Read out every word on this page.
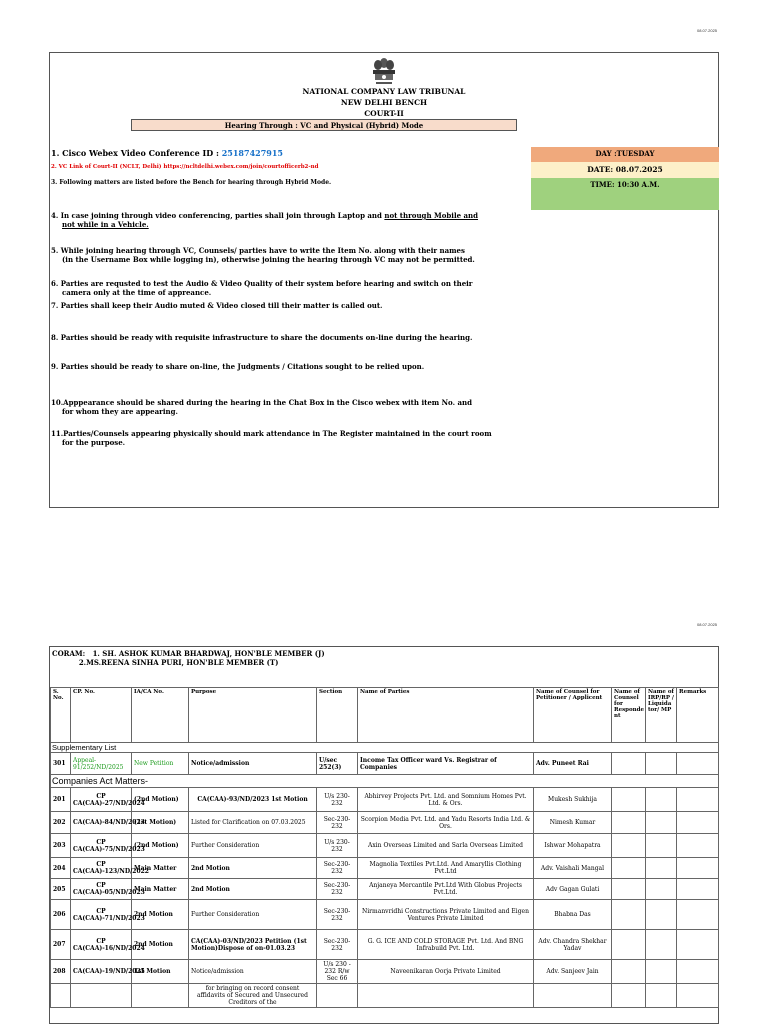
08.07.2025
NATIONAL COMPANY LAW TRIBUNAL
NEW DELHI BENCH
COURT-II
Hearing Through : VC and Physical (Hybrid) Mode
DAY :TUESDAY
DATE: 08.07.2025
TIME: 10:30 A.M.
1. Cisco Webex Video Conference ID : 25187427915
2. VC Link of Court-II (NCLT, Delhi) https://ncltdelhi.webex.com/join/courtofficerb2-nd
3. Following matters are listed before the Bench for hearing through Hybrid Mode.
4. In case joining through video conferencing, parties shall join through Laptop and not through Mobile and
not while in a Vehicle.
5. While joining hearing through VC, Counsels/ parties have to write the Item No. along with their names
(in the Username Box while logging in), otherwise joining the hearing through VC may not be permitted.
6. Parties are requsted to test the Audio & Video Quality of their system before hearing and switch on their
camera only at the time of appreance.
7. Parties shall keep their Audio muted & Video closed till their matter is called out.
8. Parties should be ready with requisite infrastructure to share the documents on-line during the hearing.
9. Parties should be ready to share on-line, the Judgments / Citations sought to be relied upon.
10.Apppearance should be shared during the hearing in the Chat Box in the Cisco webex with item No. and
for whom they are appearing.
11.Parties/Counsels appearing physically should mark attendance in The Register maintained in the court room
for the purpose.
08.07.2025
CORAM: 1. SH. ASHOK KUMAR BHARDWAJ, HON'BLE MEMBER (J)
2.MS.REENA SINHA PURI, HON'BLE MEMBER (T)
S. No.	CP. No.	IA/CA No.	Purpose	Section	Name of Parties	Name of Counsel for Petitioner / Applicent	Name of Counsel for Responde nt	Name of IRP/RP / Liquida tor/ MP	Remarks
Supplementary List									
301	Appeal-91/252/ND/2025	New Petition	Notice/admission	U/sec 252(3)	Income Tax Officer ward Vs. Registrar of Companies	Adv. Puneet Rai			
Companies Act Matters-									
201	CP CA(CAA)-27/ND/2024	(2nd Motion)	CA(CAA)-93/ND/2023 1st Motion	U/s 230-232	Abhirvey Projects Pvt. Ltd. and Somnium Homes Pvt. Ltd. & Ors.	Mukesh Sukhija			
202	CA(CAA)-84/ND/2023	(1st Motion)	Listed for Clarification on 07.03.2025	Sec-230-232	Scorpion Media Pvt. Ltd. and Yadu Resorts India Ltd. & Ors.	Nimesh Kumar			
203	CP CA(CAA)-75/ND/2023	(2nd Motion)	Further Consideration	U/s 230-232	Axin Overseas Limited and Sarla Overseas Limited	Ishwar Mohapatra			
204	CP CA(CAA)-123/ND/2022	Main Matter	2nd Motion	Sec-230-232	Magnolia Textiles Pvt.Ltd. And Amaryllis Clothing Pvt.Ltd	Adv. Vaishali Mangal			
205	CP CA(CAA)-05/ND/2023	Main Matter	2nd Motion	Sec-230-232	Anjaneya Mercantile Pvt.Ltd With Globus Projects Pvt.Ltd.	Adv Gagan Gulati			
206	CP CA(CAA)-71/ND/2023	2nd Motion	Further Consideration	Sec-230-232	Nirmanvridhi Constructions Private Limited and Eigen Ventures Private Limited	Bhabna Das			
207	CP CA(CAA)-16/ND/2024	2nd Motion	CA(CAA)-03/ND/2023 Petition (1st Motion)Dispose of on-01.03.23	Sec-230-232	G. G. ICE AND COLD STORAGE Pvt. Ltd. And BNG Infrabuild Pvt. Ltd.	Adv. Chandra Shekhar Yadav			
208	CA(CAA)-19/ND/2025	1st Motion	Notice/admission	U/s 230 - 232 R/w Sec 66	Naveenikaran Oorja Private Limited	Adv. Sanjeev Jain			
			for bringing on record consent affidavits of Secured and Unsecured Creditors of the						
